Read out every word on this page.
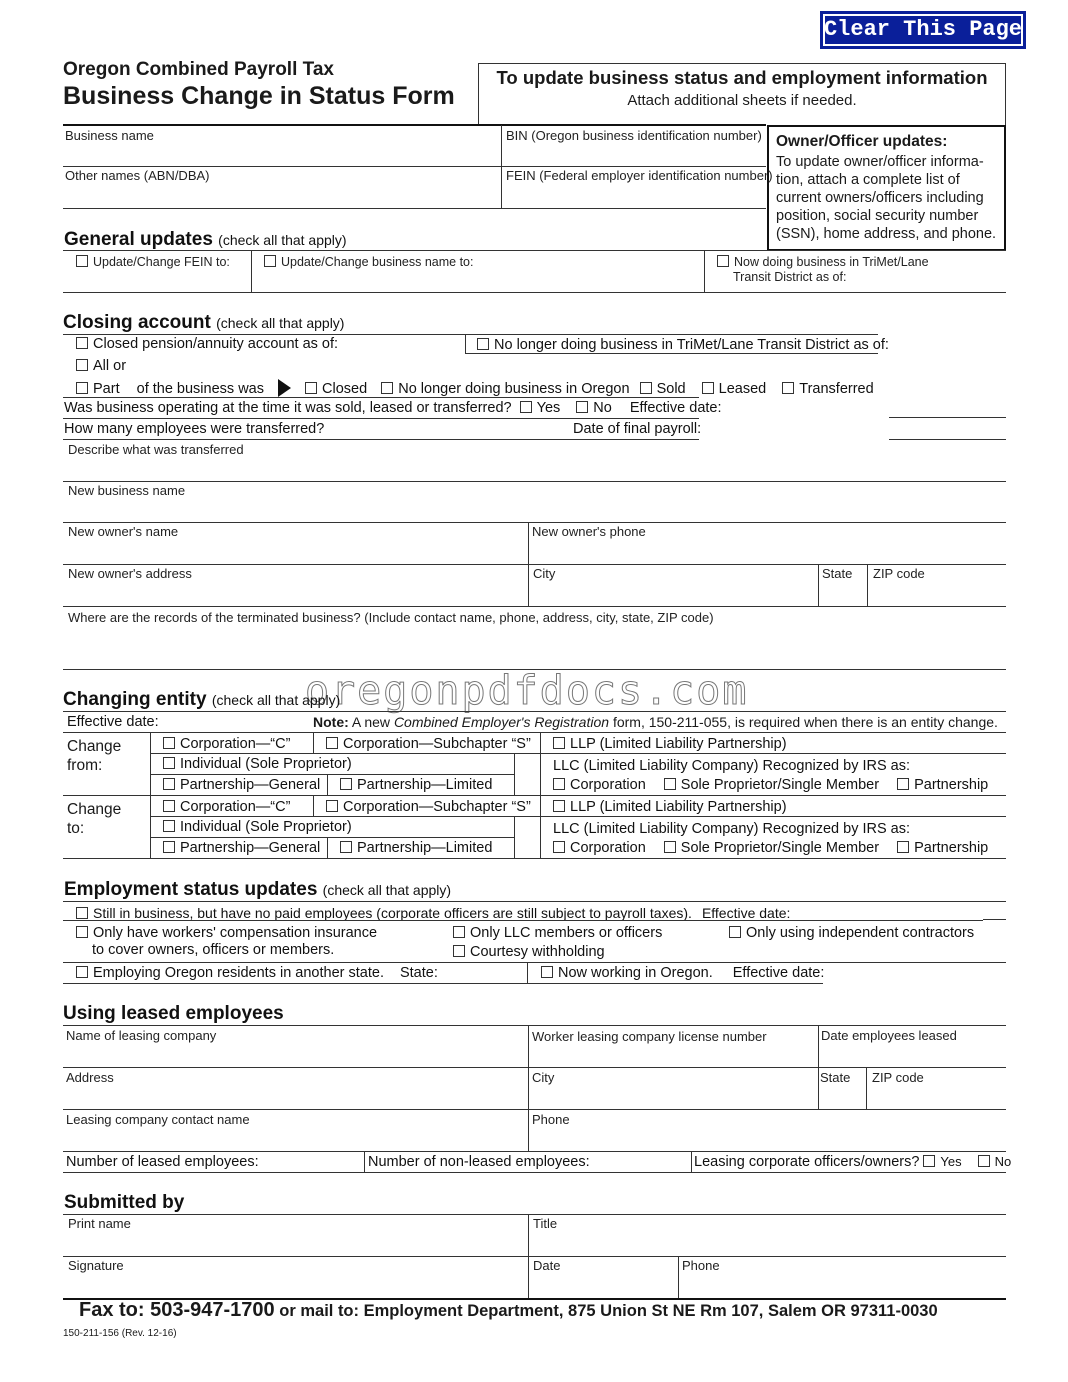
Clear This Page
Oregon Combined Payroll Tax
Business Change in Status Form
To update business status and employment information
Attach additional sheets if needed.
Business name	BIN (Oregon business identification number)
Other names (ABN/DBA)	FEIN (Federal employer identification number)
Owner/Officer updates:
To update owner/officer informa-
tion, attach a complete list of
current owners/officers including
position, social security number
(SSN), home address, and phone.
General updates (check all that apply)
Update/Change FEIN to:	Update/Change business name to:	Now doing business in TriMet/Lane
Transit District as of:
Closing account (check all that apply)
Closed pension/annuity account as of:	No longer doing business in TriMet/Lane Transit District as of:
All or
Part of the business was	Closed No longer doing business in Oregon Sold Leased Transferred
Was business operating at the time it was sold, leased or transferred? Yes No Effective date:
How many employees were transferred?	Date of final payroll:
Describe what was transferred
New business name
New owner's name	New owner's phone
New owner's address	City	State ZIP code
Where are the records of the terminated business? (Include contact name, phone, address, city, state, ZIP code)
oregonpdfdocs.com
Changing entity (check all that apply)
Effective date:	Note: A new Combined Employer's Registration form, 150-211-055, is required when there is an entity change.
Change
from:
Corporation—“C”	Corporation—Subchapter “S”	LLP (Limited Liability Partnership)
Individual (Sole Proprietor)	LLC (Limited Liability Company) Recognized by IRS as:
Partnership—General	Partnership—Limited	Corporation Sole Proprietor/Single Member Partnership
Change
to:
Corporation—“C”	Corporation—Subchapter “S”	LLP (Limited Liability Partnership)
Individual (Sole Proprietor)	LLC (Limited Liability Company) Recognized by IRS as:
Partnership—General	Partnership—Limited	Corporation Sole Proprietor/Single Member Partnership
Employment status updates (check all that apply)
Still in business, but have no paid employees (corporate officers are still subject to payroll taxes). Effective date:
Only have workers' compensation insurance
to cover owners, officers or members.
Only LLC members or officers
Courtesy withholding
Only using independent contractors
Employing Oregon residents in another state. State:	Now working in Oregon. Effective date:
Using leased employees
Name of leasing company	Worker leasing company license number	Date employees leased
Address	City	State ZIP code
Leasing company contact name	Phone
Number of leased employees:	Number of non-leased employees:	Leasing corporate officers/owners? Yes	No
Submitted by
Print name	Title
Signature	Date	Phone
Fax to: 503-947-1700 or mail to: Employment Department, 875 Union St NE Rm 107, Salem OR 97311-0030
150-211-156 (Rev. 12-16)
